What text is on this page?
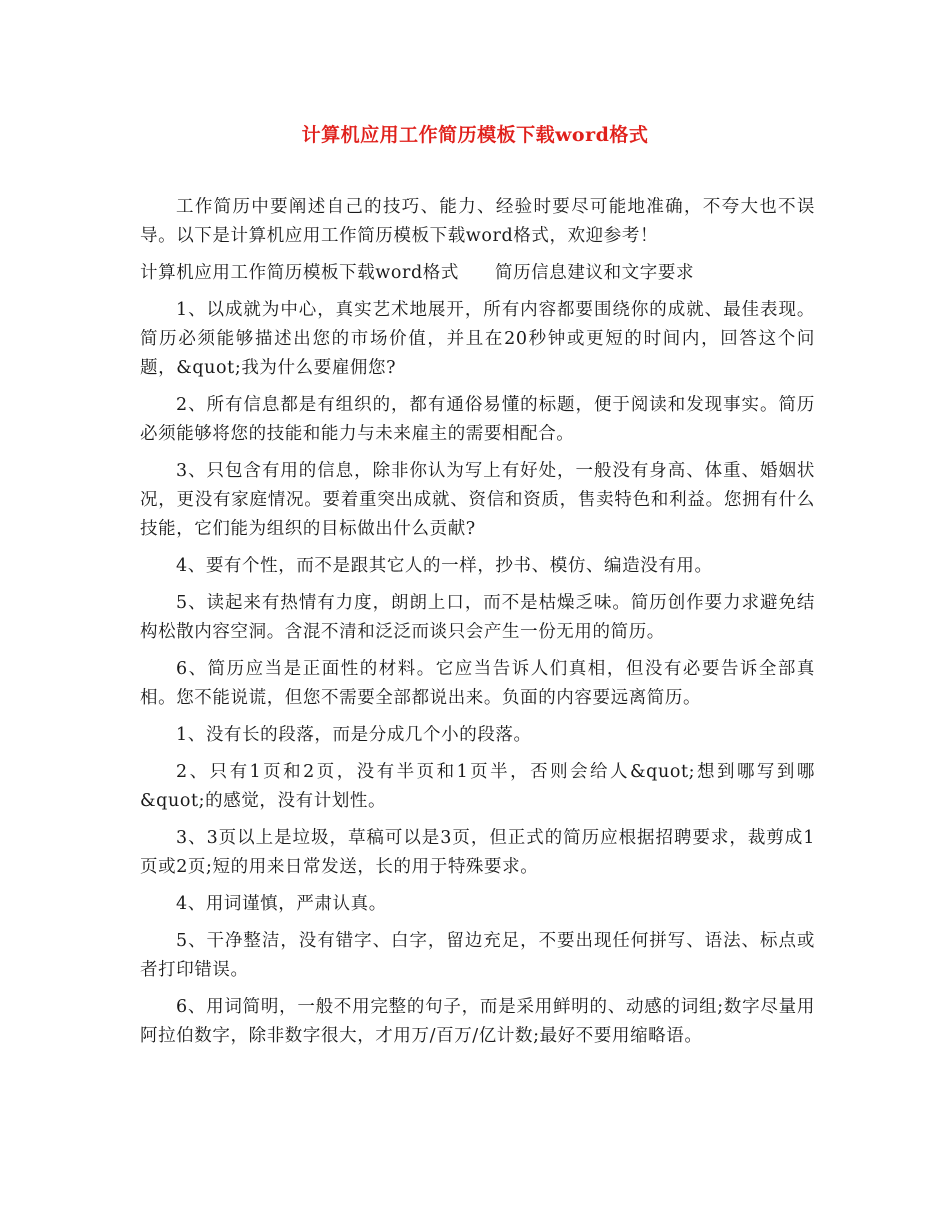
计算机应用工作简历模板下载word格式

工作简历中要阐述自己的技巧、能力、经验时要尽可能地准确，不夸大也不误导。以下是计算机应用工作简历模板下载word格式，欢迎参考！

计算机应用工作简历模板下载word格式 简历信息建议和文字要求

1、以成就为中心，真实艺术地展开，所有内容都要围绕你的成就、最佳表现。简历必须能够描述出您的市场价值，并且在20秒钟或更短的时间内，回答这个问题，&quot;我为什么要雇佣您?

2、所有信息都是有组织的，都有通俗易懂的标题，便于阅读和发现事实。简历必须能够将您的技能和能力与未来雇主的需要相配合。

3、只包含有用的信息，除非你认为写上有好处，一般没有身高、体重、婚姻状况，更没有家庭情况。要着重突出成就、资信和资质，售卖特色和利益。您拥有什么技能，它们能为组织的目标做出什么贡献?

4、要有个性，而不是跟其它人的一样，抄书、模仿、编造没有用。

5、读起来有热情有力度，朗朗上口，而不是枯燥乏味。简历创作要力求避免结构松散内容空洞。含混不清和泛泛而谈只会产生一份无用的简历。

6、简历应当是正面性的材料。它应当告诉人们真相，但没有必要告诉全部真相。您不能说谎，但您不需要全部都说出来。负面的内容要远离简历。

1、没有长的段落，而是分成几个小的段落。

2、只有1页和2页，没有半页和1页半，否则会给人&quot;想到哪写到哪&quot;的感觉，没有计划性。

3、3页以上是垃圾，草稿可以是3页，但正式的简历应根据招聘要求，裁剪成1页或2页;短的用来日常发送，长的用于特殊要求。

4、用词谨慎，严肃认真。

5、干净整洁，没有错字、白字，留边充足，不要出现任何拼写、语法、标点或者打印错误。

6、用词简明，一般不用完整的句子，而是采用鲜明的、动感的词组;数字尽量用阿拉伯数字，除非数字很大，才用万/百万/亿计数;最好不要用缩略语。
